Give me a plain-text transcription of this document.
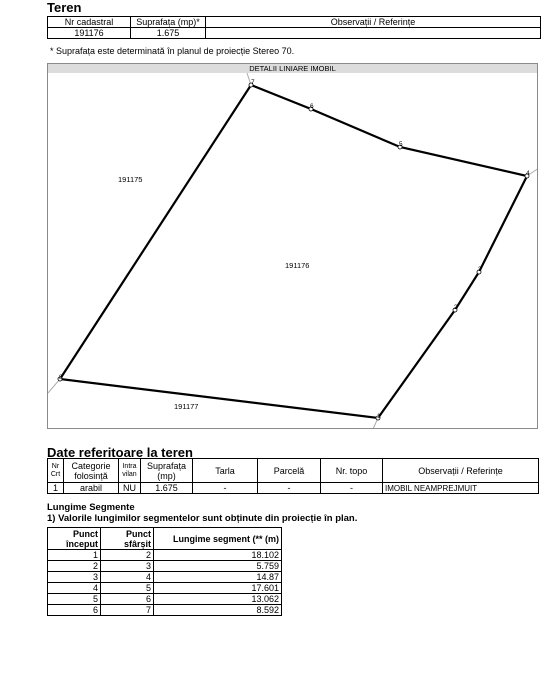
Teren
Nr cadastral	Suprafața (mp)*	Observații / Referințe
191176	1.675	
* Suprafața este determinată în planul de proiecție Stereo 70.
DETALII LINIARE IMOBIL
1
2
3
4
5
6
7
8
191176
191175
191177
Date referitoare la teren
Nr Crt	Categorie folosință	Intra vilan	Suprafața (mp)	Tarla	Parcelă	Nr. topo	Observații / Referințe
1	arabil	NU	1.675	-	-	-	IMOBIL NEAMPREJMUIT
Lungime Segmente
1) Valorile lungimilor segmentelor sunt obținute din proiecție în plan.
Punct început	Punct sfârșit	Lungime segment (** (m)
1	2	18.102
2	3	5.759
3	4	14.87
4	5	17.601
5	6	13.062
6	7	8.592
